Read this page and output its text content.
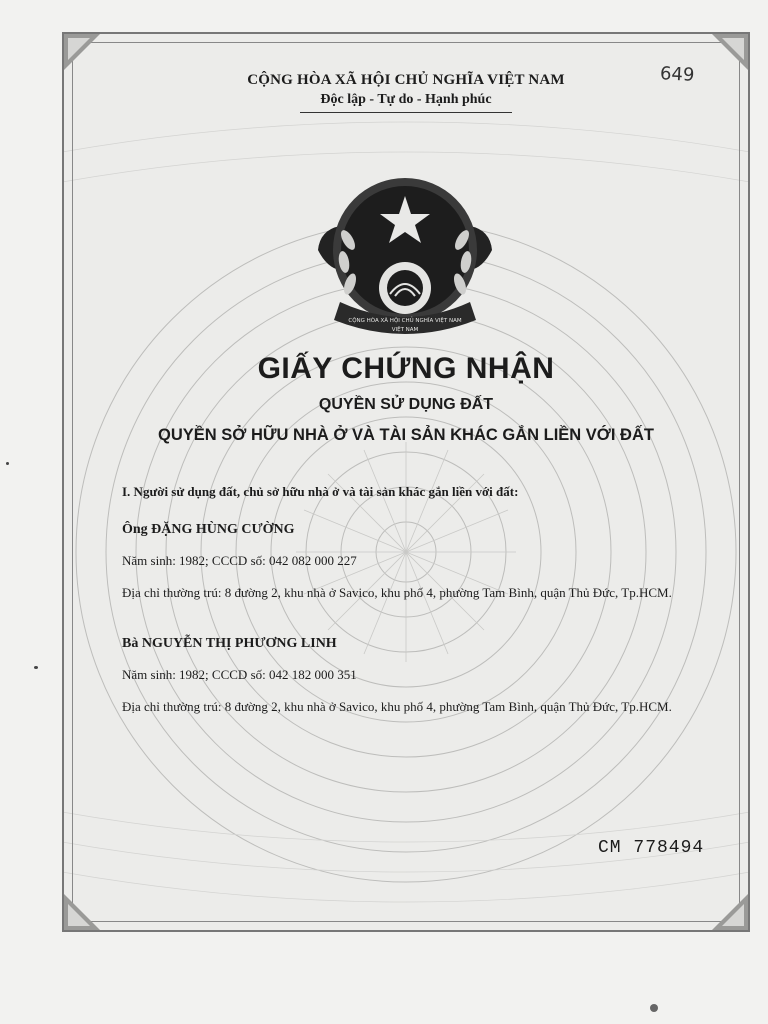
CỘNG HÒA XÃ HỘI CHỦ NGHĨA VIỆT NAM
Độc lập - Tự do - Hạnh phúc
649
CỘNG HÒA XÃ HỘI CHỦ NGHĨA VIỆT NAM
VIỆT NAM
GIẤY CHỨNG NHẬN
QUYỀN SỬ DỤNG ĐẤT
QUYỀN SỞ HỮU NHÀ Ở VÀ TÀI SẢN KHÁC GẮN LIỀN VỚI ĐẤT
I. Người sử dụng đất, chủ sở hữu nhà ở và tài sản khác gắn liền với đất:
Ông ĐẶNG HÙNG CƯỜNG
Năm sinh: 1982; CCCD số: 042 082 000 227
Địa chỉ thường trú: 8 đường 2, khu nhà ở Savico, khu phố 4, phường Tam Bình, quận Thủ Đức, Tp.HCM.
Bà NGUYỄN THỊ PHƯƠNG LINH
Năm sinh: 1982; CCCD số: 042 182 000 351
Địa chỉ thường trú: 8 đường 2, khu nhà ở Savico, khu phố 4, phường Tam Bình, quận Thủ Đức, Tp.HCM.
CM 778494
